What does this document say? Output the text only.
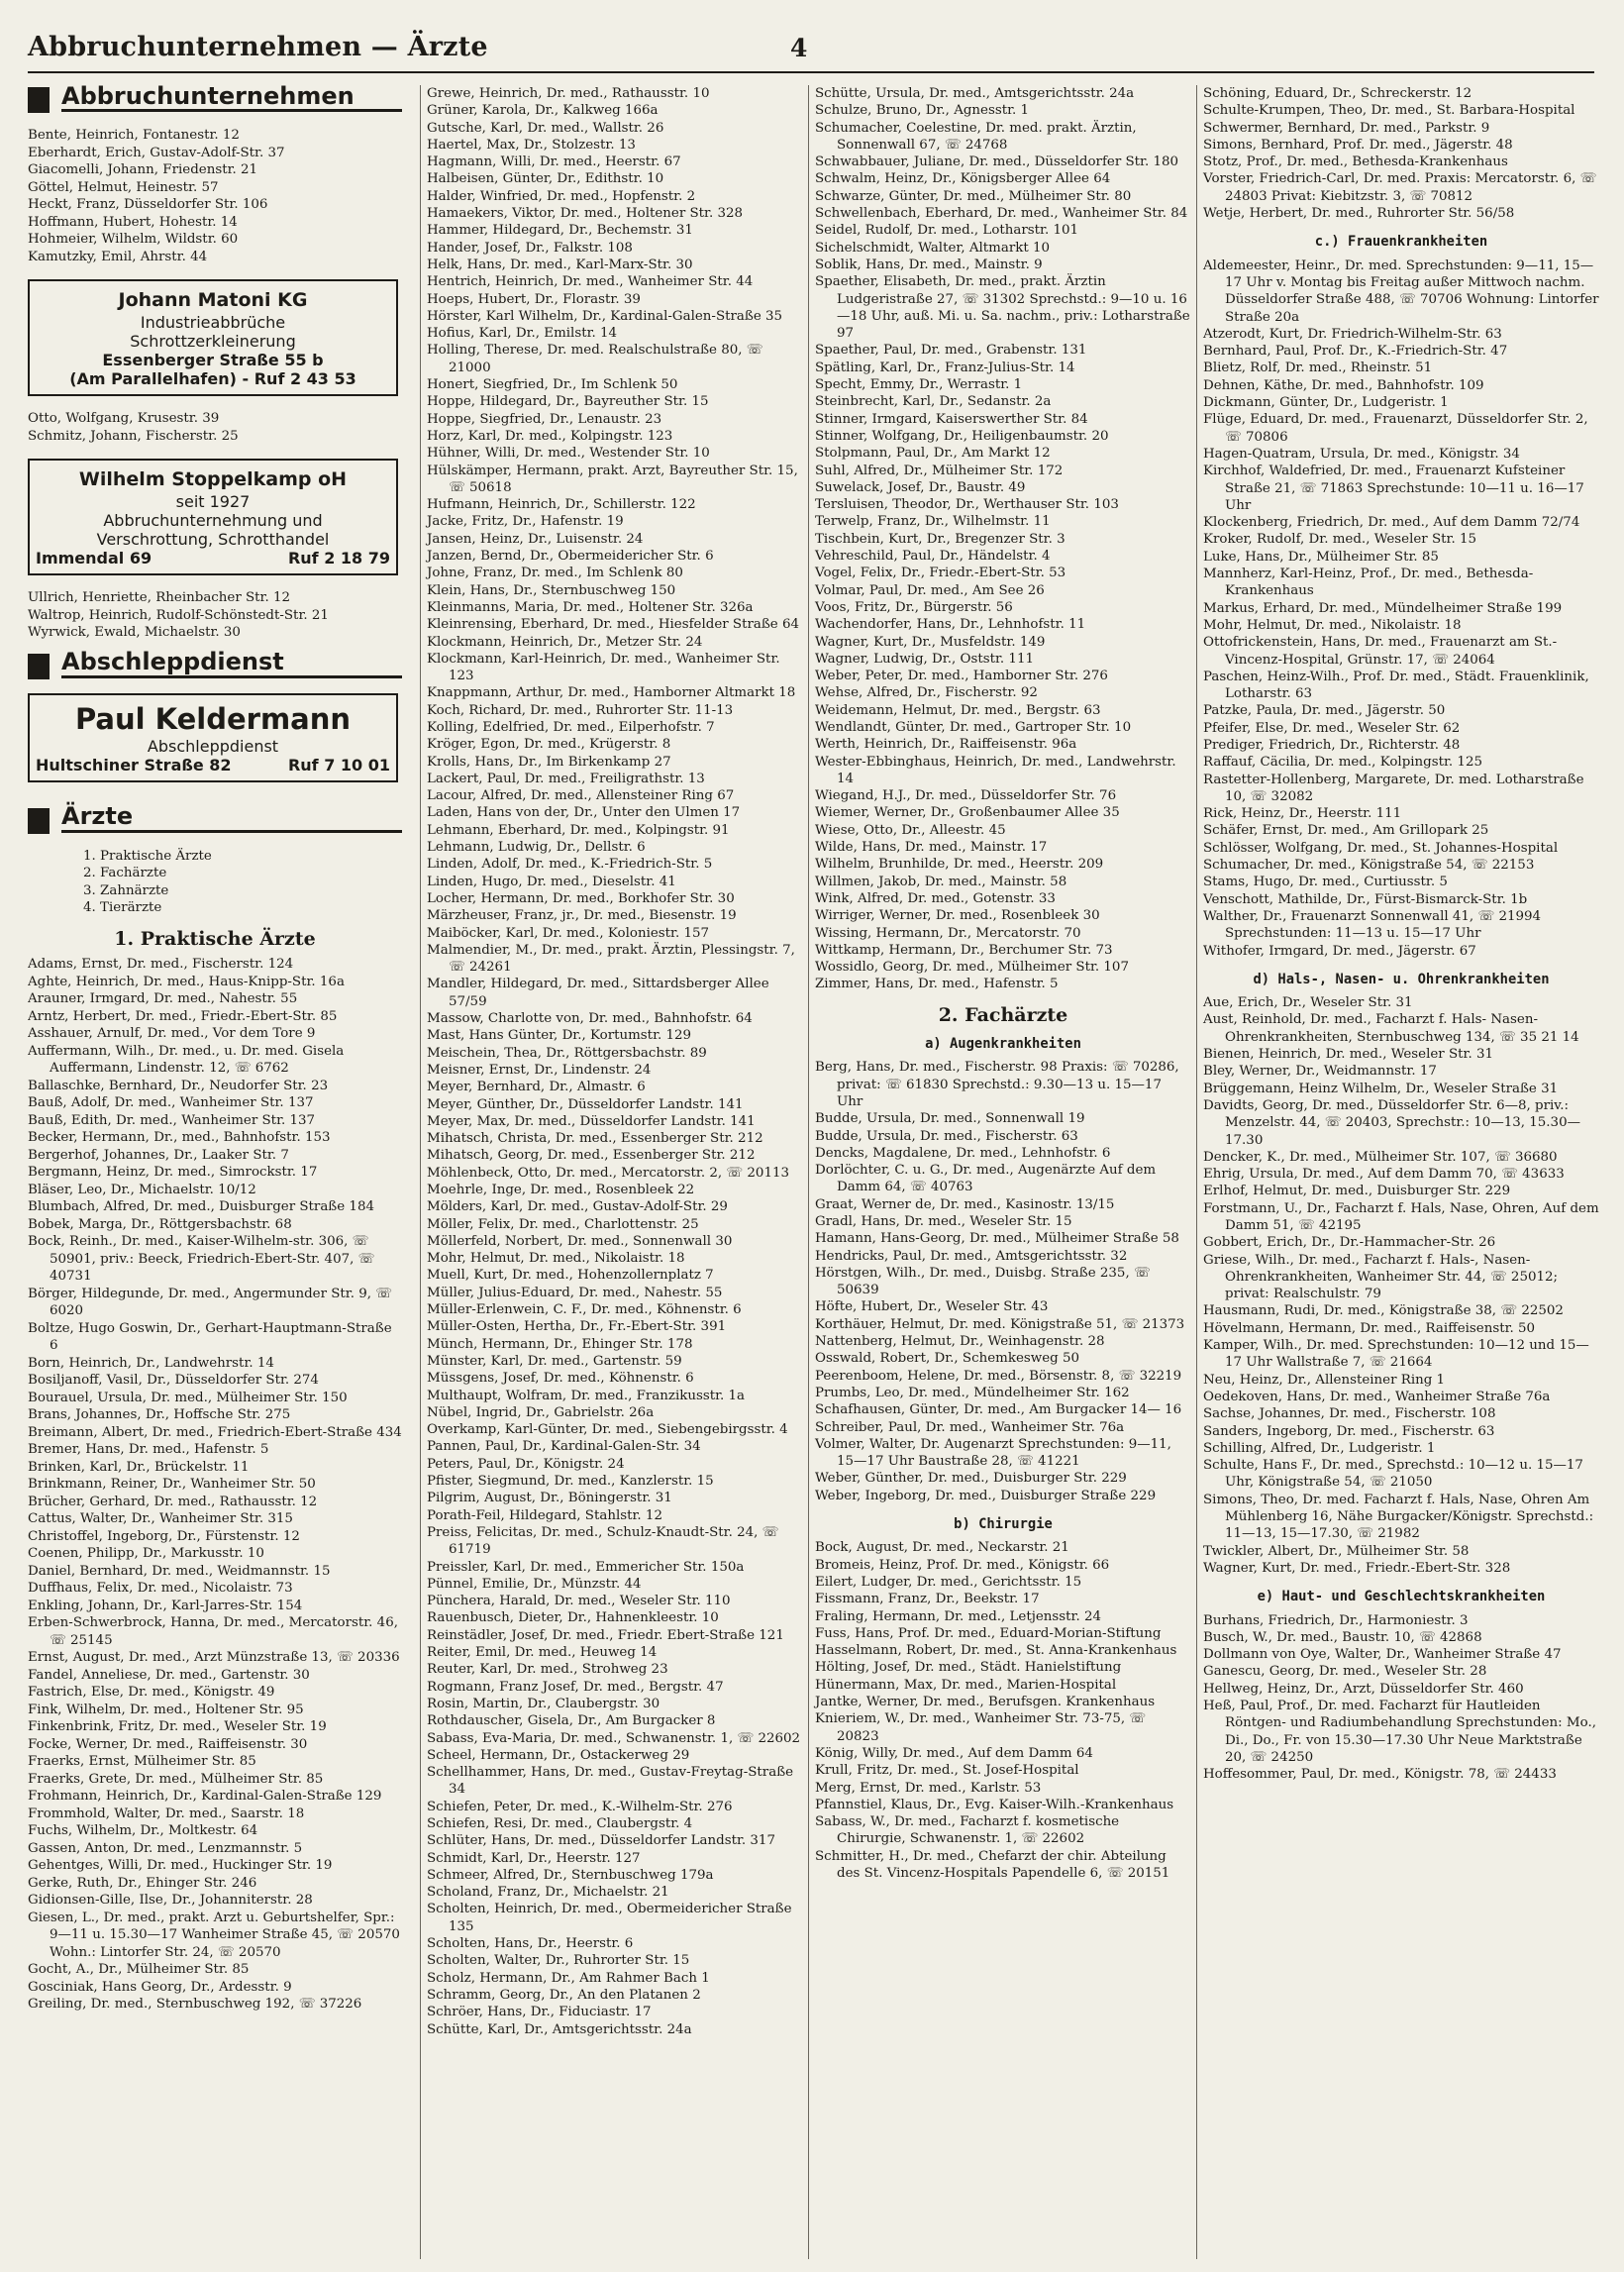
Abbruchunternehmen — Ärzte	4
Abbruchunternehmen
Bente, Heinrich, Fontanestr. 12
Eberhardt, Erich, Gustav-Adolf-Str. 37
Giacomelli, Johann, Friedenstr. 21
Göttel, Helmut, Heinestr. 57
Heckt, Franz, Düsseldorfer Str. 106
Hoffmann, Hubert, Hohestr. 14
Hohmeier, Wilhelm, Wildstr. 60
Kamutzky, Emil, Ahrstr. 44
Johann Matoni KG
Industrieabbrüche
Schrottzerkleinerung
Essenberger Straße 55 b
(Am Parallelhafen) - Ruf 2 43 53
Otto, Wolfgang, Krusestr. 39
Schmitz, Johann, Fischerstr. 25
Wilhelm Stoppelkamp oH
seit 1927
Abbruchunternehmung und
Verschrottung, Schrotthandel
Immendal 69	Ruf 2 18 79
Ullrich, Henriette, Rheinbacher Str. 12
Waltrop, Heinrich, Rudolf-Schönstedt-Str. 21
Wyrwick, Ewald, Michaelstr. 30
Abschleppdienst
Paul Keldermann
Abschleppdienst
Hultschiner Straße 82	Ruf 7 10 01
Ärzte
1. Praktische Ärzte
2. Fachärzte
3. Zahnärzte
4. Tierärzte
1. Praktische Ärzte
Adams, Ernst, Dr. med., Fischerstr. 124
Aghte, Heinrich, Dr. med., Haus-Knipp-Str. 16a
Arauner, Irmgard, Dr. med., Nahestr. 55
Arntz, Herbert, Dr. med., Friedr.-Ebert-Str. 85
Asshauer, Arnulf, Dr. med., Vor dem Tore 9
Auffermann, Wilh., Dr. med., u. Dr. med. Gisela Auffermann, Lindenstr. 12, ☏ 6762
Ballaschke, Bernhard, Dr., Neudorfer Str. 23
Bauß, Adolf, Dr. med., Wanheimer Str. 137
Bauß, Edith, Dr. med., Wanheimer Str. 137
Becker, Hermann, Dr., med., Bahnhofstr. 153
Bergerhof, Johannes, Dr., Laaker Str. 7
Bergmann, Heinz, Dr. med., Simrockstr. 17
Bläser, Leo, Dr., Michaelstr. 10/12
Blumbach, Alfred, Dr. med., Duisburger Straße 184
Bobek, Marga, Dr., Röttgersbachstr. 68
Bock, Reinh., Dr. med., Kaiser-Wilhelm-str. 306, ☏ 50901, priv.: Beeck, Friedrich-Ebert-Str. 407, ☏ 40731
Börger, Hildegunde, Dr. med., Angermunder Str. 9, ☏ 6020
Boltze, Hugo Goswin, Dr., Gerhart-Hauptmann-Straße 6
Born, Heinrich, Dr., Landwehrstr. 14
Bosiljanoff, Vasil, Dr., Düsseldorfer Str. 274
Bourauel, Ursula, Dr. med., Mülheimer Str. 150
Brans, Johannes, Dr., Hoffsche Str. 275
Breimann, Albert, Dr. med., Friedrich-Ebert-Straße 434
Bremer, Hans, Dr. med., Hafenstr. 5
Brinken, Karl, Dr., Brückelstr. 11
Brinkmann, Reiner, Dr., Wanheimer Str. 50
Brücher, Gerhard, Dr. med., Rathausstr. 12
Cattus, Walter, Dr., Wanheimer Str. 315
Christoffel, Ingeborg, Dr., Fürstenstr. 12
Coenen, Philipp, Dr., Markusstr. 10
Daniel, Bernhard, Dr. med., Weidmannstr. 15
Duffhaus, Felix, Dr. med., Nicolaistr. 73
Enkling, Johann, Dr., Karl-Jarres-Str. 154
Erben-Schwerbrock, Hanna, Dr. med., Mercatorstr. 46, ☏ 25145
Ernst, August, Dr. med., Arzt Münzstraße 13, ☏ 20336
Fandel, Anneliese, Dr. med., Gartenstr. 30
Fastrich, Else, Dr. med., Königstr. 49
Fink, Wilhelm, Dr. med., Holtener Str. 95
Finkenbrink, Fritz, Dr. med., Weseler Str. 19
Focke, Werner, Dr. med., Raiffeisenstr. 30
Fraerks, Ernst, Mülheimer Str. 85
Fraerks, Grete, Dr. med., Mülheimer Str. 85
Frohmann, Heinrich, Dr., Kardinal-Galen-Straße 129
Frommhold, Walter, Dr. med., Saarstr. 18
Fuchs, Wilhelm, Dr., Moltkestr. 64
Gassen, Anton, Dr. med., Lenzmannstr. 5
Gehentges, Willi, Dr. med., Huckinger Str. 19
Gerke, Ruth, Dr., Ehinger Str. 246
Gidionsen-Gille, Ilse, Dr., Johanniterstr. 28
Giesen, L., Dr. med., prakt. Arzt u. Geburtshelfer, Spr.: 9—11 u. 15.30—17 Wanheimer Straße 45, ☏ 20570 Wohn.: Lintorfer Str. 24, ☏ 20570
Gocht, A., Dr., Mülheimer Str. 85
Gosciniak, Hans Georg, Dr., Ardesstr. 9
Greiling, Dr. med., Sternbuschweg 192, ☏ 37226
Grewe, Heinrich, Dr. med., Rathausstr. 10
Grüner, Karola, Dr., Kalkweg 166a
Gutsche, Karl, Dr. med., Wallstr. 26
Haertel, Max, Dr., Stolzestr. 13
Hagmann, Willi, Dr. med., Heerstr. 67
Halbeisen, Günter, Dr., Edithstr. 10
Halder, Winfried, Dr. med., Hopfenstr. 2
Hamaekers, Viktor, Dr. med., Holtener Str. 328
Hammer, Hildegard, Dr., Bechemstr. 31
Hander, Josef, Dr., Falkstr. 108
Helk, Hans, Dr. med., Karl-Marx-Str. 30
Hentrich, Heinrich, Dr. med., Wanheimer Str. 44
Hoeps, Hubert, Dr., Florastr. 39
Hörster, Karl Wilhelm, Dr., Kardinal-Galen-Straße 35
Hofius, Karl, Dr., Emilstr. 14
Holling, Therese, Dr. med. Realschulstraße 80, ☏ 21000
Honert, Siegfried, Dr., Im Schlenk 50
Hoppe, Hildegard, Dr., Bayreuther Str. 15
Hoppe, Siegfried, Dr., Lenaustr. 23
Horz, Karl, Dr. med., Kolpingstr. 123
Hühner, Willi, Dr. med., Westender Str. 10
Hülskämper, Hermann, prakt. Arzt, Bayreuther Str. 15, ☏ 50618
Hufmann, Heinrich, Dr., Schillerstr. 122
Jacke, Fritz, Dr., Hafenstr. 19
Jansen, Heinz, Dr., Luisenstr. 24
Janzen, Bernd, Dr., Obermeidericher Str. 6
Johne, Franz, Dr. med., Im Schlenk 80
Klein, Hans, Dr., Sternbuschweg 150
Kleinmanns, Maria, Dr. med., Holtener Str. 326a
Kleinrensing, Eberhard, Dr. med., Hiesfelder Straße 64
Klockmann, Heinrich, Dr., Metzer Str. 24
Klockmann, Karl-Heinrich, Dr. med., Wanheimer Str. 123
Knappmann, Arthur, Dr. med., Hamborner Altmarkt 18
Koch, Richard, Dr. med., Ruhrorter Str. 11-13
Kolling, Edelfried, Dr. med., Eilperhofstr. 7
Kröger, Egon, Dr. med., Krügerstr. 8
Krolls, Hans, Dr., Im Birkenkamp 27
Lackert, Paul, Dr. med., Freiligrathstr. 13
Lacour, Alfred, Dr. med., Allensteiner Ring 67
Laden, Hans von der, Dr., Unter den Ulmen 17
Lehmann, Eberhard, Dr. med., Kolpingstr. 91
Lehmann, Ludwig, Dr., Dellstr. 6
Linden, Adolf, Dr. med., K.-Friedrich-Str. 5
Linden, Hugo, Dr. med., Dieselstr. 41
Locher, Hermann, Dr. med., Borkhofer Str. 30
Märzheuser, Franz, jr., Dr. med., Biesenstr. 19
Maiböcker, Karl, Dr. med., Koloniestr. 157
Malmendier, M., Dr. med., prakt. Ärztin, Plessingstr. 7, ☏ 24261
Mandler, Hildegard, Dr. med., Sittardsberger Allee 57/59
Massow, Charlotte von, Dr. med., Bahnhofstr. 64
Mast, Hans Günter, Dr., Kortumstr. 129
Meischein, Thea, Dr., Röttgersbachstr. 89
Meisner, Ernst, Dr., Lindenstr. 24
Meyer, Bernhard, Dr., Almastr. 6
Meyer, Günther, Dr., Düsseldorfer Landstr. 141
Meyer, Max, Dr. med., Düsseldorfer Landstr. 141
Mihatsch, Christa, Dr. med., Essenberger Str. 212
Mihatsch, Georg, Dr. med., Essenberger Str. 212
Möhlenbeck, Otto, Dr. med., Mercatorstr. 2, ☏ 20113
Moehrle, Inge, Dr. med., Rosenbleek 22
Mölders, Karl, Dr. med., Gustav-Adolf-Str. 29
Möller, Felix, Dr. med., Charlottenstr. 25
Möllerfeld, Norbert, Dr. med., Sonnenwall 30
Mohr, Helmut, Dr. med., Nikolaistr. 18
Muell, Kurt, Dr. med., Hohenzollernplatz 7
Müller, Julius-Eduard, Dr. med., Nahestr. 55
Müller-Erlenwein, C. F., Dr. med., Köhnenstr. 6
Müller-Osten, Hertha, Dr., Fr.-Ebert-Str. 391
Münch, Hermann, Dr., Ehinger Str. 178
Münster, Karl, Dr. med., Gartenstr. 59
Müssgens, Josef, Dr. med., Köhnenstr. 6
Multhaupt, Wolfram, Dr. med., Franzikusstr. 1a
Nübel, Ingrid, Dr., Gabrielstr. 26a
Overkamp, Karl-Günter, Dr. med., Siebengebirgsstr. 4
Pannen, Paul, Dr., Kardinal-Galen-Str. 34
Peters, Paul, Dr., Königstr. 24
Pfister, Siegmund, Dr. med., Kanzlerstr. 15
Pilgrim, August, Dr., Böningerstr. 31
Porath-Feil, Hildegard, Stahlstr. 12
Preiss, Felicitas, Dr. med., Schulz-Knaudt-Str. 24, ☏ 61719
Preissler, Karl, Dr. med., Emmericher Str. 150a
Pünnel, Emilie, Dr., Münzstr. 44
Pünchera, Harald, Dr. med., Weseler Str. 110
Rauenbusch, Dieter, Dr., Hahnenkleestr. 10
Reinstädler, Josef, Dr. med., Friedr. Ebert-Straße 121
Reiter, Emil, Dr. med., Heuweg 14
Reuter, Karl, Dr. med., Strohweg 23
Rogmann, Franz Josef, Dr. med., Bergstr. 47
Rosin, Martin, Dr., Claubergstr. 30
Rothdauscher, Gisela, Dr., Am Burgacker 8
Sabass, Eva-Maria, Dr. med., Schwanenstr. 1, ☏ 22602
Scheel, Hermann, Dr., Ostackerweg 29
Schellhammer, Hans, Dr. med., Gustav-Freytag-Straße 34
Schiefen, Peter, Dr. med., K.-Wilhelm-Str. 276
Schiefen, Resi, Dr. med., Claubergstr. 4
Schlüter, Hans, Dr. med., Düsseldorfer Landstr. 317
Schmidt, Karl, Dr., Heerstr. 127
Schmeer, Alfred, Dr., Sternbuschweg 179a
Scholand, Franz, Dr., Michaelstr. 21
Scholten, Heinrich, Dr. med., Obermeidericher Straße 135
Scholten, Hans, Dr., Heerstr. 6
Scholten, Walter, Dr., Ruhrorter Str. 15
Scholz, Hermann, Dr., Am Rahmer Bach 1
Schramm, Georg, Dr., An den Platanen 2
Schröer, Hans, Dr., Fiduciastr. 17
Schütte, Karl, Dr., Amtsgerichtsstr. 24a
Schütte, Ursula, Dr. med., Amtsgerichtsstr. 24a
Schulze, Bruno, Dr., Agnesstr. 1
Schumacher, Coelestine, Dr. med. prakt. Ärztin, Sonnenwall 67, ☏ 24768
Schwabbauer, Juliane, Dr. med., Düsseldorfer Str. 180
Schwalm, Heinz, Dr., Königsberger Allee 64
Schwarze, Günter, Dr. med., Mülheimer Str. 80
Schwellenbach, Eberhard, Dr. med., Wanheimer Str. 84
Seidel, Rudolf, Dr. med., Lotharstr. 101
Sichelschmidt, Walter, Altmarkt 10
Soblik, Hans, Dr. med., Mainstr. 9
Spaether, Elisabeth, Dr. med., prakt. Ärztin Ludgeristraße 27, ☏ 31302 Sprechstd.: 9—10 u. 16—18 Uhr, auß. Mi. u. Sa. nachm., priv.: Lotharstraße 97
Spaether, Paul, Dr. med., Grabenstr. 131
Spätling, Karl, Dr., Franz-Julius-Str. 14
Specht, Emmy, Dr., Werrastr. 1
Steinbrecht, Karl, Dr., Sedanstr. 2a
Stinner, Irmgard, Kaiserswerther Str. 84
Stinner, Wolfgang, Dr., Heiligenbaumstr. 20
Stolpmann, Paul, Dr., Am Markt 12
Suhl, Alfred, Dr., Mülheimer Str. 172
Suwelack, Josef, Dr., Baustr. 49
Tersluisen, Theodor, Dr., Werthauser Str. 103
Terwelp, Franz, Dr., Wilhelmstr. 11
Tischbein, Kurt, Dr., Bregenzer Str. 3
Vehreschild, Paul, Dr., Händelstr. 4
Vogel, Felix, Dr., Friedr.-Ebert-Str. 53
Volmar, Paul, Dr. med., Am See 26
Voos, Fritz, Dr., Bürgerstr. 56
Wachendorfer, Hans, Dr., Lehnhofstr. 11
Wagner, Kurt, Dr., Musfeldstr. 149
Wagner, Ludwig, Dr., Oststr. 111
Weber, Peter, Dr. med., Hamborner Str. 276
Wehse, Alfred, Dr., Fischerstr. 92
Weidemann, Helmut, Dr. med., Bergstr. 63
Wendlandt, Günter, Dr. med., Gartroper Str. 10
Werth, Heinrich, Dr., Raiffeisenstr. 96a
Wester-Ebbinghaus, Heinrich, Dr. med., Landwehrstr. 14
Wiegand, H.J., Dr. med., Düsseldorfer Str. 76
Wiemer, Werner, Dr., Großenbaumer Allee 35
Wiese, Otto, Dr., Alleestr. 45
Wilde, Hans, Dr. med., Mainstr. 17
Wilhelm, Brunhilde, Dr. med., Heerstr. 209
Willmen, Jakob, Dr. med., Mainstr. 58
Wink, Alfred, Dr. med., Gotenstr. 33
Wirriger, Werner, Dr. med., Rosenbleek 30
Wissing, Hermann, Dr., Mercatorstr. 70
Wittkamp, Hermann, Dr., Berchumer Str. 73
Wossidlo, Georg, Dr. med., Mülheimer Str. 107
Zimmer, Hans, Dr. med., Hafenstr. 5
2. Fachärzte
a) Augenkrankheiten
Berg, Hans, Dr. med., Fischerstr. 98 Praxis: ☏ 70286, privat: ☏ 61830 Sprechstd.: 9.30—13 u. 15—17 Uhr
Budde, Ursula, Dr. med., Sonnenwall 19
Budde, Ursula, Dr. med., Fischerstr. 63
Dencks, Magdalene, Dr. med., Lehnhofstr. 6
Dorlöchter, C. u. G., Dr. med., Augenärzte Auf dem Damm 64, ☏ 40763
Graat, Werner de, Dr. med., Kasinostr. 13/15
Gradl, Hans, Dr. med., Weseler Str. 15
Hamann, Hans-Georg, Dr. med., Mülheimer Straße 58
Hendricks, Paul, Dr. med., Amtsgerichtsstr. 32
Hörstgen, Wilh., Dr. med., Duisbg. Straße 235, ☏ 50639
Höfte, Hubert, Dr., Weseler Str. 43
Korthäuer, Helmut, Dr. med. Königstraße 51, ☏ 21373
Nattenberg, Helmut, Dr., Weinhagenstr. 28
Osswald, Robert, Dr., Schemkesweg 50
Peerenboom, Helene, Dr. med., Börsenstr. 8, ☏ 32219
Prumbs, Leo, Dr. med., Mündelheimer Str. 162
Schafhausen, Günter, Dr. med., Am Burgacker 14— 16
Schreiber, Paul, Dr. med., Wanheimer Str. 76a
Volmer, Walter, Dr. Augenarzt Sprechstunden: 9—11, 15—17 Uhr Baustraße 28, ☏ 41221
Weber, Günther, Dr. med., Duisburger Str. 229
Weber, Ingeborg, Dr. med., Duisburger Straße 229
b) Chirurgie
Bock, August, Dr. med., Neckarstr. 21
Bromeis, Heinz, Prof. Dr. med., Königstr. 66
Eilert, Ludger, Dr. med., Gerichtsstr. 15
Fissmann, Franz, Dr., Beekstr. 17
Fraling, Hermann, Dr. med., Letjensstr. 24
Fuss, Hans, Prof. Dr. med., Eduard-Morian-Stiftung
Hasselmann, Robert, Dr. med., St. Anna-Krankenhaus
Hölting, Josef, Dr. med., Städt. Hanielstiftung
Hünermann, Max, Dr. med., Marien-Hospital
Jantke, Werner, Dr. med., Berufsgen. Krankenhaus
Knieriem, W., Dr. med., Wanheimer Str. 73-75, ☏ 20823
König, Willy, Dr. med., Auf dem Damm 64
Krull, Fritz, Dr. med., St. Josef-Hospital
Merg, Ernst, Dr. med., Karlstr. 53
Pfannstiel, Klaus, Dr., Evg. Kaiser-Wilh.-Krankenhaus
Sabass, W., Dr. med., Facharzt f. kosmetische Chirurgie, Schwanenstr. 1, ☏ 22602
Schmitter, H., Dr. med., Chefarzt der chir. Abteilung des St. Vincenz-Hospitals Papendelle 6, ☏ 20151
Schöning, Eduard, Dr., Schreckerstr. 12
Schulte-Krumpen, Theo, Dr. med., St. Barbara-Hospital
Schwermer, Bernhard, Dr. med., Parkstr. 9
Simons, Bernhard, Prof. Dr. med., Jägerstr. 48
Stotz, Prof., Dr. med., Bethesda-Krankenhaus
Vorster, Friedrich-Carl, Dr. med. Praxis: Mercatorstr. 6, ☏ 24803 Privat: Kiebitzstr. 3, ☏ 70812
Wetje, Herbert, Dr. med., Ruhrorter Str. 56/58
c.) Frauenkrankheiten
Aldemeester, Heinr., Dr. med. Sprechstunden: 9—11, 15—17 Uhr v. Montag bis Freitag außer Mittwoch nachm. Düsseldorfer Straße 488, ☏ 70706 Wohnung: Lintorfer Straße 20a
Atzerodt, Kurt, Dr. Friedrich-Wilhelm-Str. 63
Bernhard, Paul, Prof. Dr., K.-Friedrich-Str. 47
Blietz, Rolf, Dr. med., Rheinstr. 51
Dehnen, Käthe, Dr. med., Bahnhofstr. 109
Dickmann, Günter, Dr., Ludgeristr. 1
Flüge, Eduard, Dr. med., Frauenarzt, Düsseldorfer Str. 2, ☏ 70806
Hagen-Quatram, Ursula, Dr. med., Königstr. 34
Kirchhof, Waldefried, Dr. med., Frauenarzt Kufsteiner Straße 21, ☏ 71863 Sprechstunde: 10—11 u. 16—17 Uhr
Klockenberg, Friedrich, Dr. med., Auf dem Damm 72/74
Kroker, Rudolf, Dr. med., Weseler Str. 15
Luke, Hans, Dr., Mülheimer Str. 85
Mannherz, Karl-Heinz, Prof., Dr. med., Bethesda-Krankenhaus
Markus, Erhard, Dr. med., Mündelheimer Straße 199
Mohr, Helmut, Dr. med., Nikolaistr. 18
Ottofrickenstein, Hans, Dr. med., Frauenarzt am St.-Vincenz-Hospital, Grünstr. 17, ☏ 24064
Paschen, Heinz-Wilh., Prof. Dr. med., Städt. Frauenklinik, Lotharstr. 63
Patzke, Paula, Dr. med., Jägerstr. 50
Pfeifer, Else, Dr. med., Weseler Str. 62
Prediger, Friedrich, Dr., Richterstr. 48
Raffauf, Cäcilia, Dr. med., Kolpingstr. 125
Rastetter-Hollenberg, Margarete, Dr. med. Lotharstraße 10, ☏ 32082
Rick, Heinz, Dr., Heerstr. 111
Schäfer, Ernst, Dr. med., Am Grillopark 25
Schlösser, Wolfgang, Dr. med., St. Johannes-Hospital
Schumacher, Dr. med., Königstraße 54, ☏ 22153
Stams, Hugo, Dr. med., Curtiusstr. 5
Venschott, Mathilde, Dr., Fürst-Bismarck-Str. 1b
Walther, Dr., Frauenarzt Sonnenwall 41, ☏ 21994 Sprechstunden: 11—13 u. 15—17 Uhr
Withofer, Irmgard, Dr. med., Jägerstr. 67
d) Hals-, Nasen- u. Ohrenkrankheiten
Aue, Erich, Dr., Weseler Str. 31
Aust, Reinhold, Dr. med., Facharzt f. Hals- Nasen- Ohrenkrankheiten, Sternbuschweg 134, ☏ 35 21 14
Bienen, Heinrich, Dr. med., Weseler Str. 31
Bley, Werner, Dr., Weidmannstr. 17
Brüggemann, Heinz Wilhelm, Dr., Weseler Straße 31
Davidts, Georg, Dr. med., Düsseldorfer Str. 6—8, priv.: Menzelstr. 44, ☏ 20403, Sprechstr.: 10—13, 15.30—17.30
Dencker, K., Dr. med., Mülheimer Str. 107, ☏ 36680
Ehrig, Ursula, Dr. med., Auf dem Damm 70, ☏ 43633
Erlhof, Helmut, Dr. med., Duisburger Str. 229
Forstmann, U., Dr., Facharzt f. Hals, Nase, Ohren, Auf dem Damm 51, ☏ 42195
Gobbert, Erich, Dr., Dr.-Hammacher-Str. 26
Griese, Wilh., Dr. med., Facharzt f. Hals-, Nasen- Ohrenkrankheiten, Wanheimer Str. 44, ☏ 25012; privat: Realschulstr. 79
Hausmann, Rudi, Dr. med., Königstraße 38, ☏ 22502
Hövelmann, Hermann, Dr. med., Raiffeisenstr. 50
Kamper, Wilh., Dr. med. Sprechstunden: 10—12 und 15—17 Uhr Wallstraße 7, ☏ 21664
Neu, Heinz, Dr., Allensteiner Ring 1
Oedekoven, Hans, Dr. med., Wanheimer Straße 76a
Sachse, Johannes, Dr. med., Fischerstr. 108
Sanders, Ingeborg, Dr. med., Fischerstr. 63
Schilling, Alfred, Dr., Ludgeristr. 1
Schulte, Hans F., Dr. med., Sprechstd.: 10—12 u. 15—17 Uhr, Königstraße 54, ☏ 21050
Simons, Theo, Dr. med. Facharzt f. Hals, Nase, Ohren Am Mühlenberg 16, Nähe Burgacker/Königstr. Sprechstd.: 11—13, 15—17.30, ☏ 21982
Twickler, Albert, Dr., Mülheimer Str. 58
Wagner, Kurt, Dr. med., Friedr.-Ebert-Str. 328
e) Haut- und Geschlechtskrankheiten
Burhans, Friedrich, Dr., Harmoniestr. 3
Busch, W., Dr. med., Baustr. 10, ☏ 42868
Dollmann von Oye, Walter, Dr., Wanheimer Straße 47
Ganescu, Georg, Dr. med., Weseler Str. 28
Hellweg, Heinz, Dr., Arzt, Düsseldorfer Str. 460
Heß, Paul, Prof., Dr. med. Facharzt für Hautleiden Röntgen- und Radiumbehandlung Sprechstunden: Mo., Di., Do., Fr. von 15.30—17.30 Uhr Neue Marktstraße 20, ☏ 24250
Hoffesommer, Paul, Dr. med., Königstr. 78, ☏ 24433
